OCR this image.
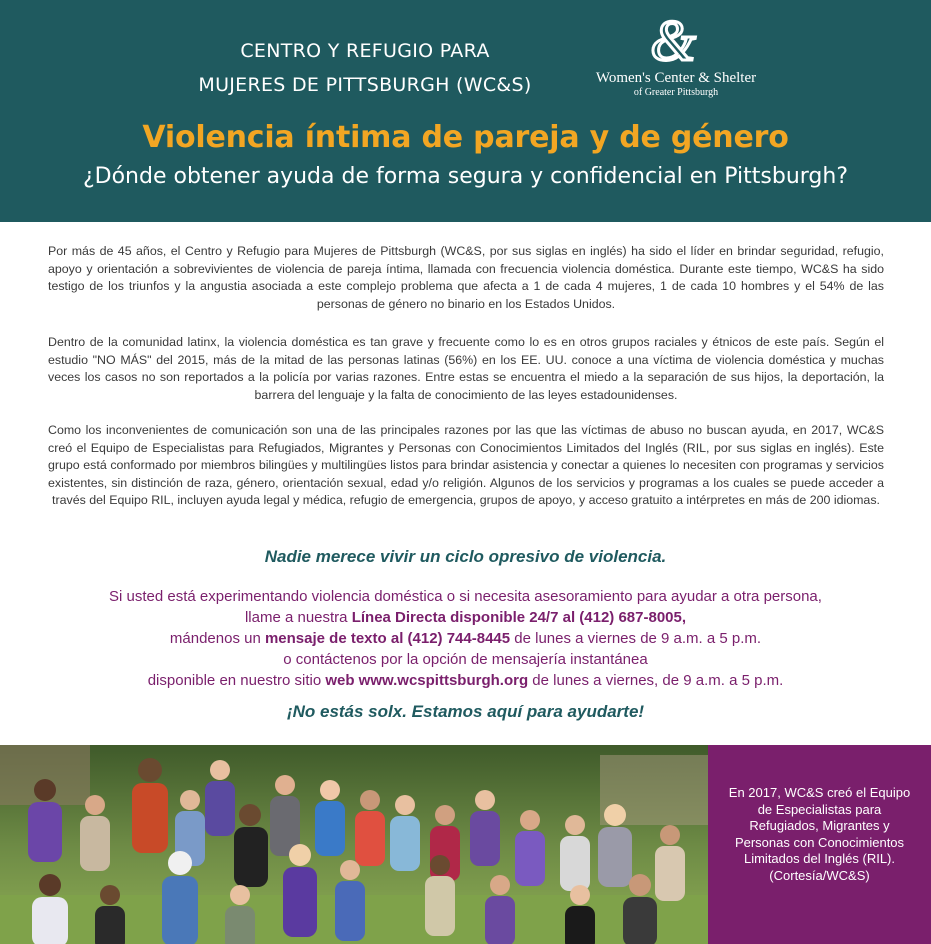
CENTRO Y REFUGIO PARA
MUJERES DE PITTSBURGH (WC&S)
&
Women's Center & Shelter
of Greater Pittsburgh
Violencia íntima de pareja y de género
¿Dónde obtener ayuda de forma segura y confidencial en Pittsburgh?
Por más de 45 años, el Centro y Refugio para Mujeres de Pittsburgh (WC&S, por sus siglas en inglés) ha sido el líder en brindar seguridad, refugio, apoyo y orientación a sobrevivientes de violencia de pareja íntima, llamada con frecuencia violencia doméstica. Durante este tiempo, WC&S ha sido testigo de los triunfos y la angustia asociada a este complejo problema que afecta a 1 de cada 4 mujeres, 1 de cada 10 hombres y el 54% de las personas de género no binario en los Estados Unidos.
Dentro de la comunidad latinx, la violencia doméstica es tan grave y frecuente como lo es en otros grupos raciales y étnicos de este país. Según el estudio "NO MÁS" del 2015, más de la mitad de las personas latinas (56%) en los EE. UU. conoce a una víctima de violencia doméstica y muchas veces los casos no son reportados a la policía por varias razones. Entre estas se encuentra el miedo a la separación de sus hijos, la deportación, la barrera del lenguaje y la falta de conocimiento de las leyes estadounidenses.
Como los inconvenientes de comunicación son una de las principales razones por las que las víctimas de abuso no buscan ayuda, en 2017, WC&S creó el Equipo de Especialistas para Refugiados, Migrantes y Personas con Conocimientos Limitados del Inglés (RIL, por sus siglas en inglés). Este grupo está conformado por miembros bilingües y multilingües listos para brindar asistencia y conectar a quienes lo necesiten con programas y servicios existentes, sin distinción de raza, género, orientación sexual, edad y/o religión. Algunos de los servicios y programas a los cuales se puede acceder a través del Equipo RIL, incluyen ayuda legal y médica, refugio de emergencia, grupos de apoyo, y acceso gratuito a intérpretes en más de 200 idiomas.
Nadie merece vivir un ciclo opresivo de violencia.
Si usted está experimentando violencia doméstica o si necesita asesoramiento para ayudar a otra persona,
llame a nuestra Línea Directa disponible 24/7 al (412) 687-8005,
mándenos un mensaje de texto al (412) 744-8445 de lunes a viernes de 9 a.m. a 5 p.m.
o contáctenos por la opción de mensajería instantánea
disponible en nuestro sitio web www.wcspittsburgh.org de lunes a viernes, de 9 a.m. a 5 p.m.
¡No estás solx. Estamos aquí para ayudarte!
En 2017, WC&S creó el Equipo de Especialistas para Refugiados, Migrantes y Personas con Conocimientos Limitados del Inglés (RIL). (Cortesía/WC&S)
